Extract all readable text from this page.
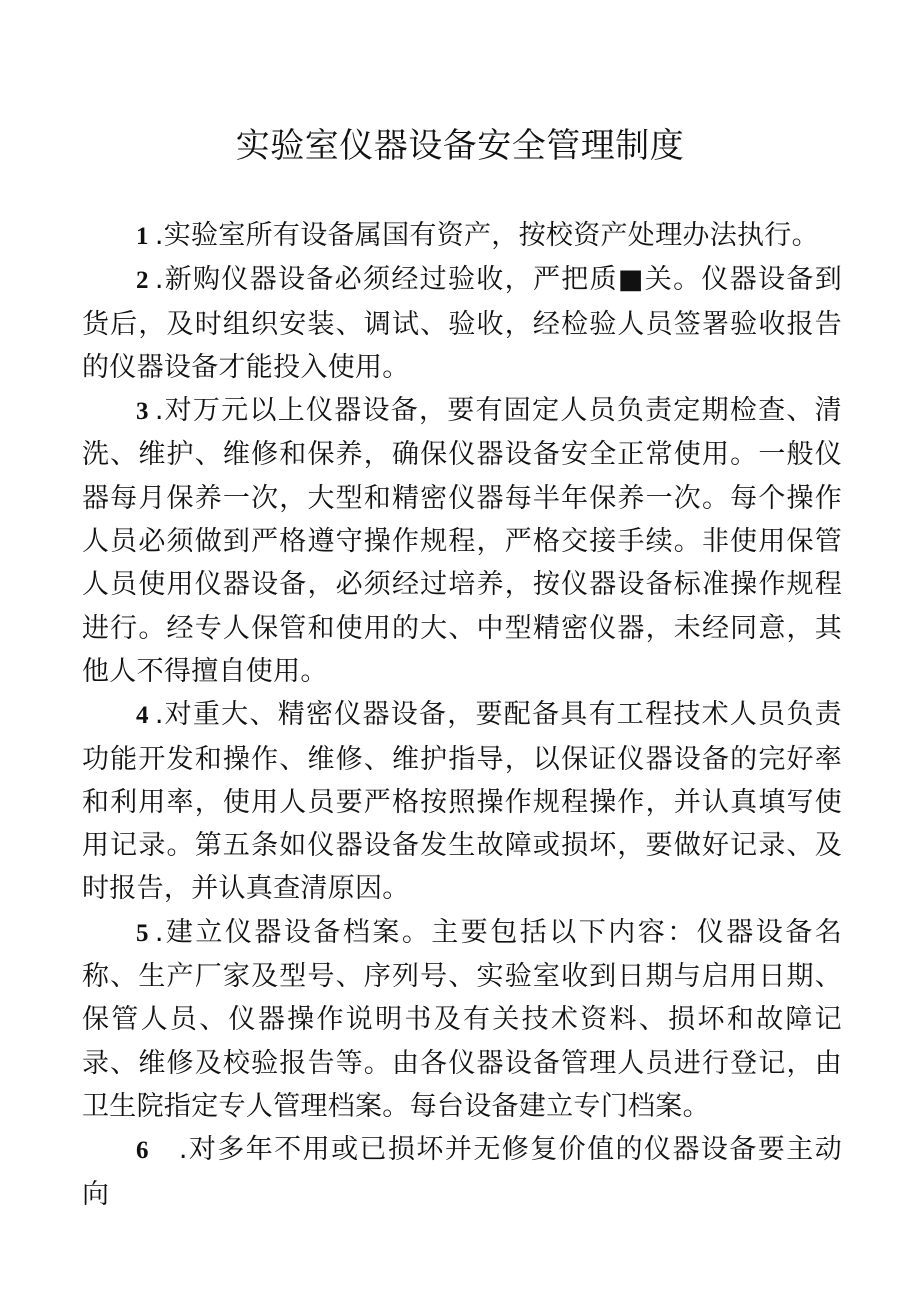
实验室仪器设备安全管理制度

1 .实验室所有设备属国有资产，按校资产处理办法执行。

2 .新购仪器设备必须经过验收，严把质■关。仪器设备到货后，及时组织安装、调试、验收，经检验人员签署验收报告的仪器设备才能投入使用。

3 .对万元以上仪器设备，要有固定人员负责定期检查、清洗、维护、维修和保养，确保仪器设备安全正常使用。一般仪器每月保养一次，大型和精密仪器每半年保养一次。每个操作人员必须做到严格遵守操作规程，严格交接手续。非使用保管人员使用仪器设备，必须经过培养，按仪器设备标准操作规程进行。经专人保管和使用的大、中型精密仪器，未经同意，其他人不得擅自使用。

4 .对重大、精密仪器设备，要配备具有工程技术人员负责功能开发和操作、维修、维护指导，以保证仪器设备的完好率和利用率，使用人员要严格按照操作规程操作，并认真填写使用记录。第五条如仪器设备发生故障或损坏，要做好记录、及时报告，并认真查清原因。

5 .建立仪器设备档案。主要包括以下内容：仪器设备名称、生产厂家及型号、序列号、实验室收到日期与启用日期、保管人员、仪器操作说明书及有关技术资料、损坏和故障记录、维修及校验报告等。由各仪器设备管理人员进行登记，由卫生院指定专人管理档案。每台设备建立专门档案。

6 .对多年不用或已损坏并无修复价值的仪器设备要主动向
